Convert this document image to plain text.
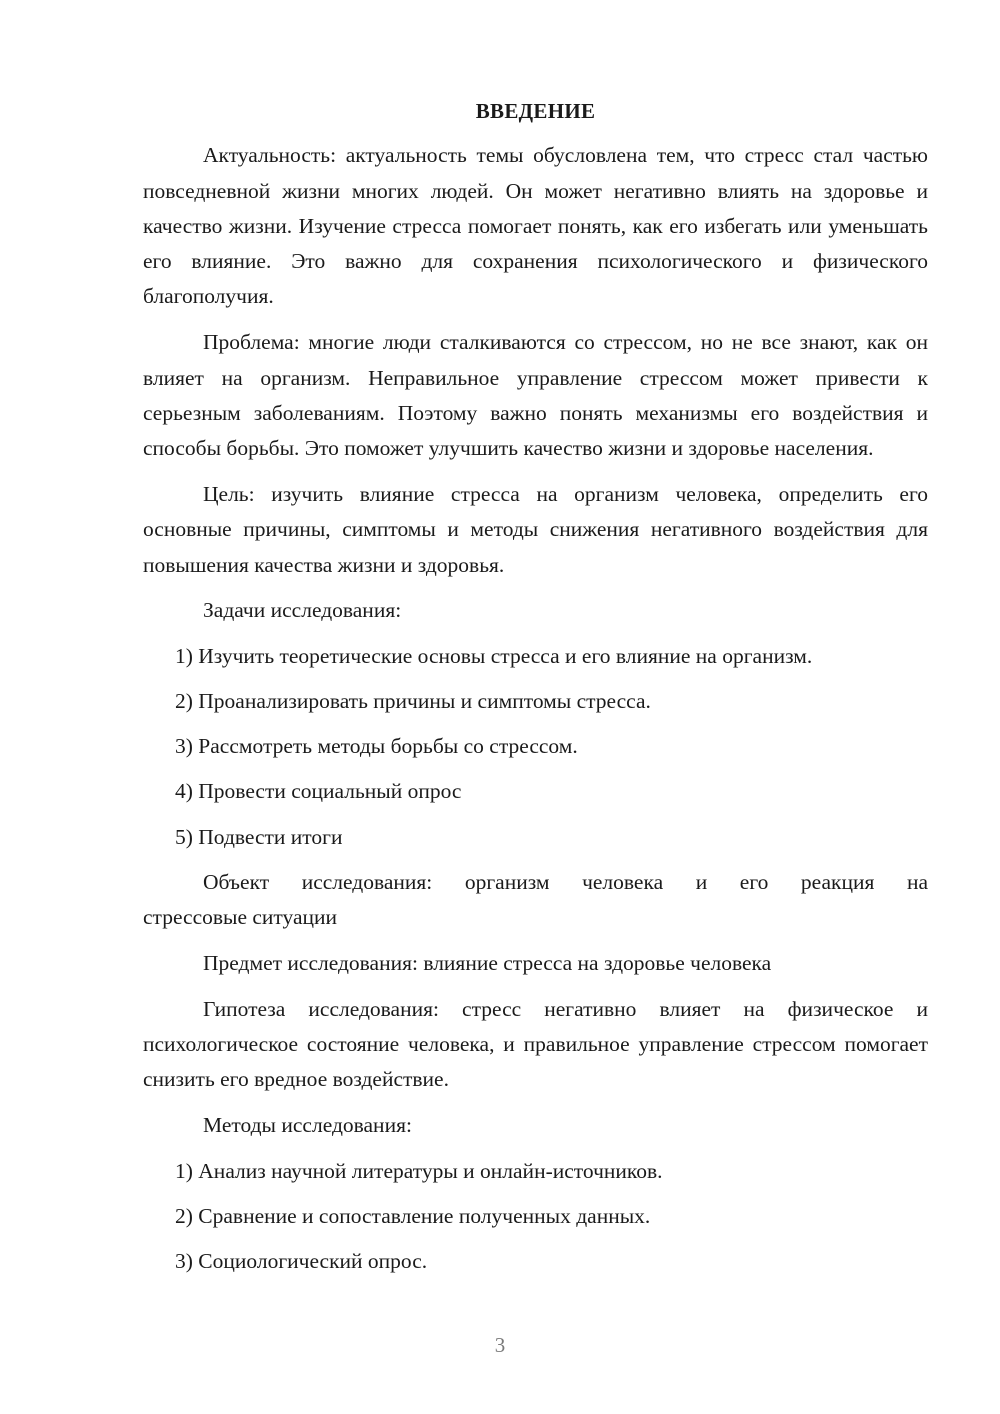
ВВЕДЕНИЕ

Актуальность: актуальность темы обусловлена тем, что стресс стал частью повседневной жизни многих людей. Он может негативно влиять на здоровье и качество жизни. Изучение стресса помогает понять, как его избегать или уменьшать его влияние. Это важно для сохранения психологического и физического благополучия.

Проблема: многие люди сталкиваются со стрессом, но не все знают, как он влияет на организм. Неправильное управление стрессом может привести к серьезным заболеваниям. Поэтому важно понять механизмы его воздействия и способы борьбы. Это поможет улучшить качество жизни и здоровье населения.

Цель: изучить влияние стресса на организм человека, определить его основные причины, симптомы и методы снижения негативного воздействия для повышения качества жизни и здоровья.

Задачи исследования:

1) Изучить теоретические основы стресса и его влияние на организм.

2) Проанализировать причины и симптомы стресса.

3) Рассмотреть методы борьбы со стрессом.

4) Провести социальный опрос

5) Подвести итоги

Объект исследования: организм человека и его реакция на

стрессовые ситуации

Предмет исследования: влияние стресса на здоровье человека

Гипотеза исследования: стресс негативно влияет на физическое и психологическое состояние человека, и правильное управление стрессом помогает снизить его вредное воздействие.

Методы исследования:

1) Анализ научной литературы и онлайн-источников.

2) Сравнение и сопоставление полученных данных.

3) Социологический опрос.

3
